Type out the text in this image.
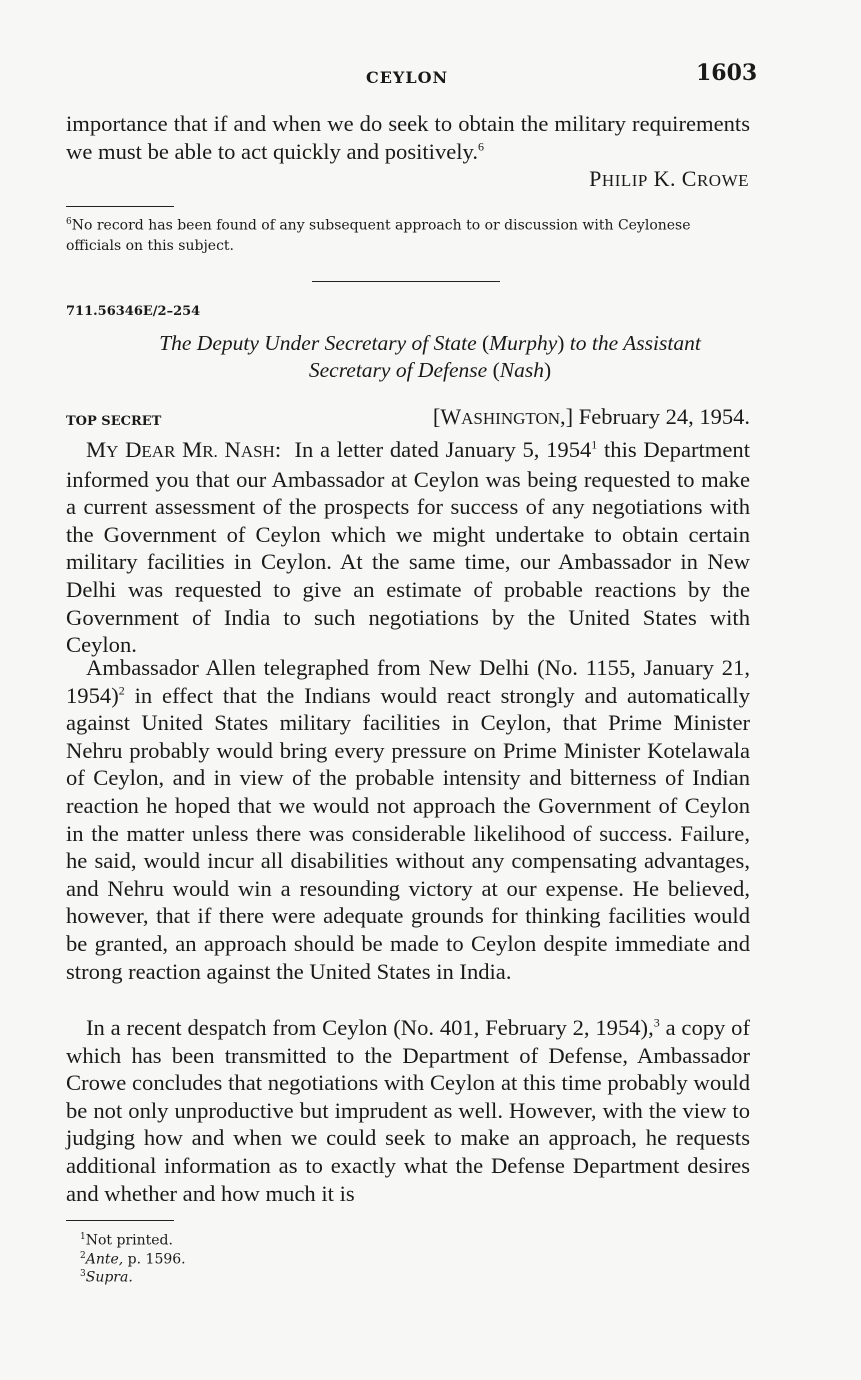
CEYLON	1603

importance that if and when we do seek to obtain the military requirements we must be able to act quickly and positively.$^6$

PHILIP K. CROWE

$^6$No record has been found of any subsequent approach to or discussion with Ceylonese officials on this subject.

711.56346E/2–254
The Deputy Under Secretary of State (Murphy) to the Assistant
Secretary of Defense (Nash)
TOP SECRET	[WASHINGTON,] February 24, 1954.

MY DEAR MR. NASH: In a letter dated January 5, 1954$^1$ this Department informed you that our Ambassador at Ceylon was being requested to make a current assessment of the prospects for success of any negotiations with the Government of Ceylon which we might undertake to obtain certain military facilities in Ceylon. At the same time, our Ambassador in New Delhi was requested to give an estimate of probable reactions by the Government of India to such negotiations by the United States with Ceylon.

Ambassador Allen telegraphed from New Delhi (No. 1155, January 21, 1954)$^2$ in effect that the Indians would react strongly and automatically against United States military facilities in Ceylon, that Prime Minister Nehru probably would bring every pressure on Prime Minister Kotelawala of Ceylon, and in view of the probable intensity and bitterness of Indian reaction he hoped that we would not approach the Government of Ceylon in the matter unless there was considerable likelihood of success. Failure, he said, would incur all disabilities without any compensating advantages, and Nehru would win a resounding victory at our expense. He believed, however, that if there were adequate grounds for thinking facilities would be granted, an approach should be made to Ceylon despite immediate and strong reaction against the United States in India.

In a recent despatch from Ceylon (No. 401, February 2, 1954),$^3$ a copy of which has been transmitted to the Department of Defense, Ambassador Crowe concludes that negotiations with Ceylon at this time probably would be not only unproductive but imprudent as well. However, with the view to judging how and when we could seek to make an approach, he requests additional information as to exactly what the Defense Department desires and whether and how much it is

$^1$Not printed.
$^2$Ante, p. 1596.
$^3$Supra.
